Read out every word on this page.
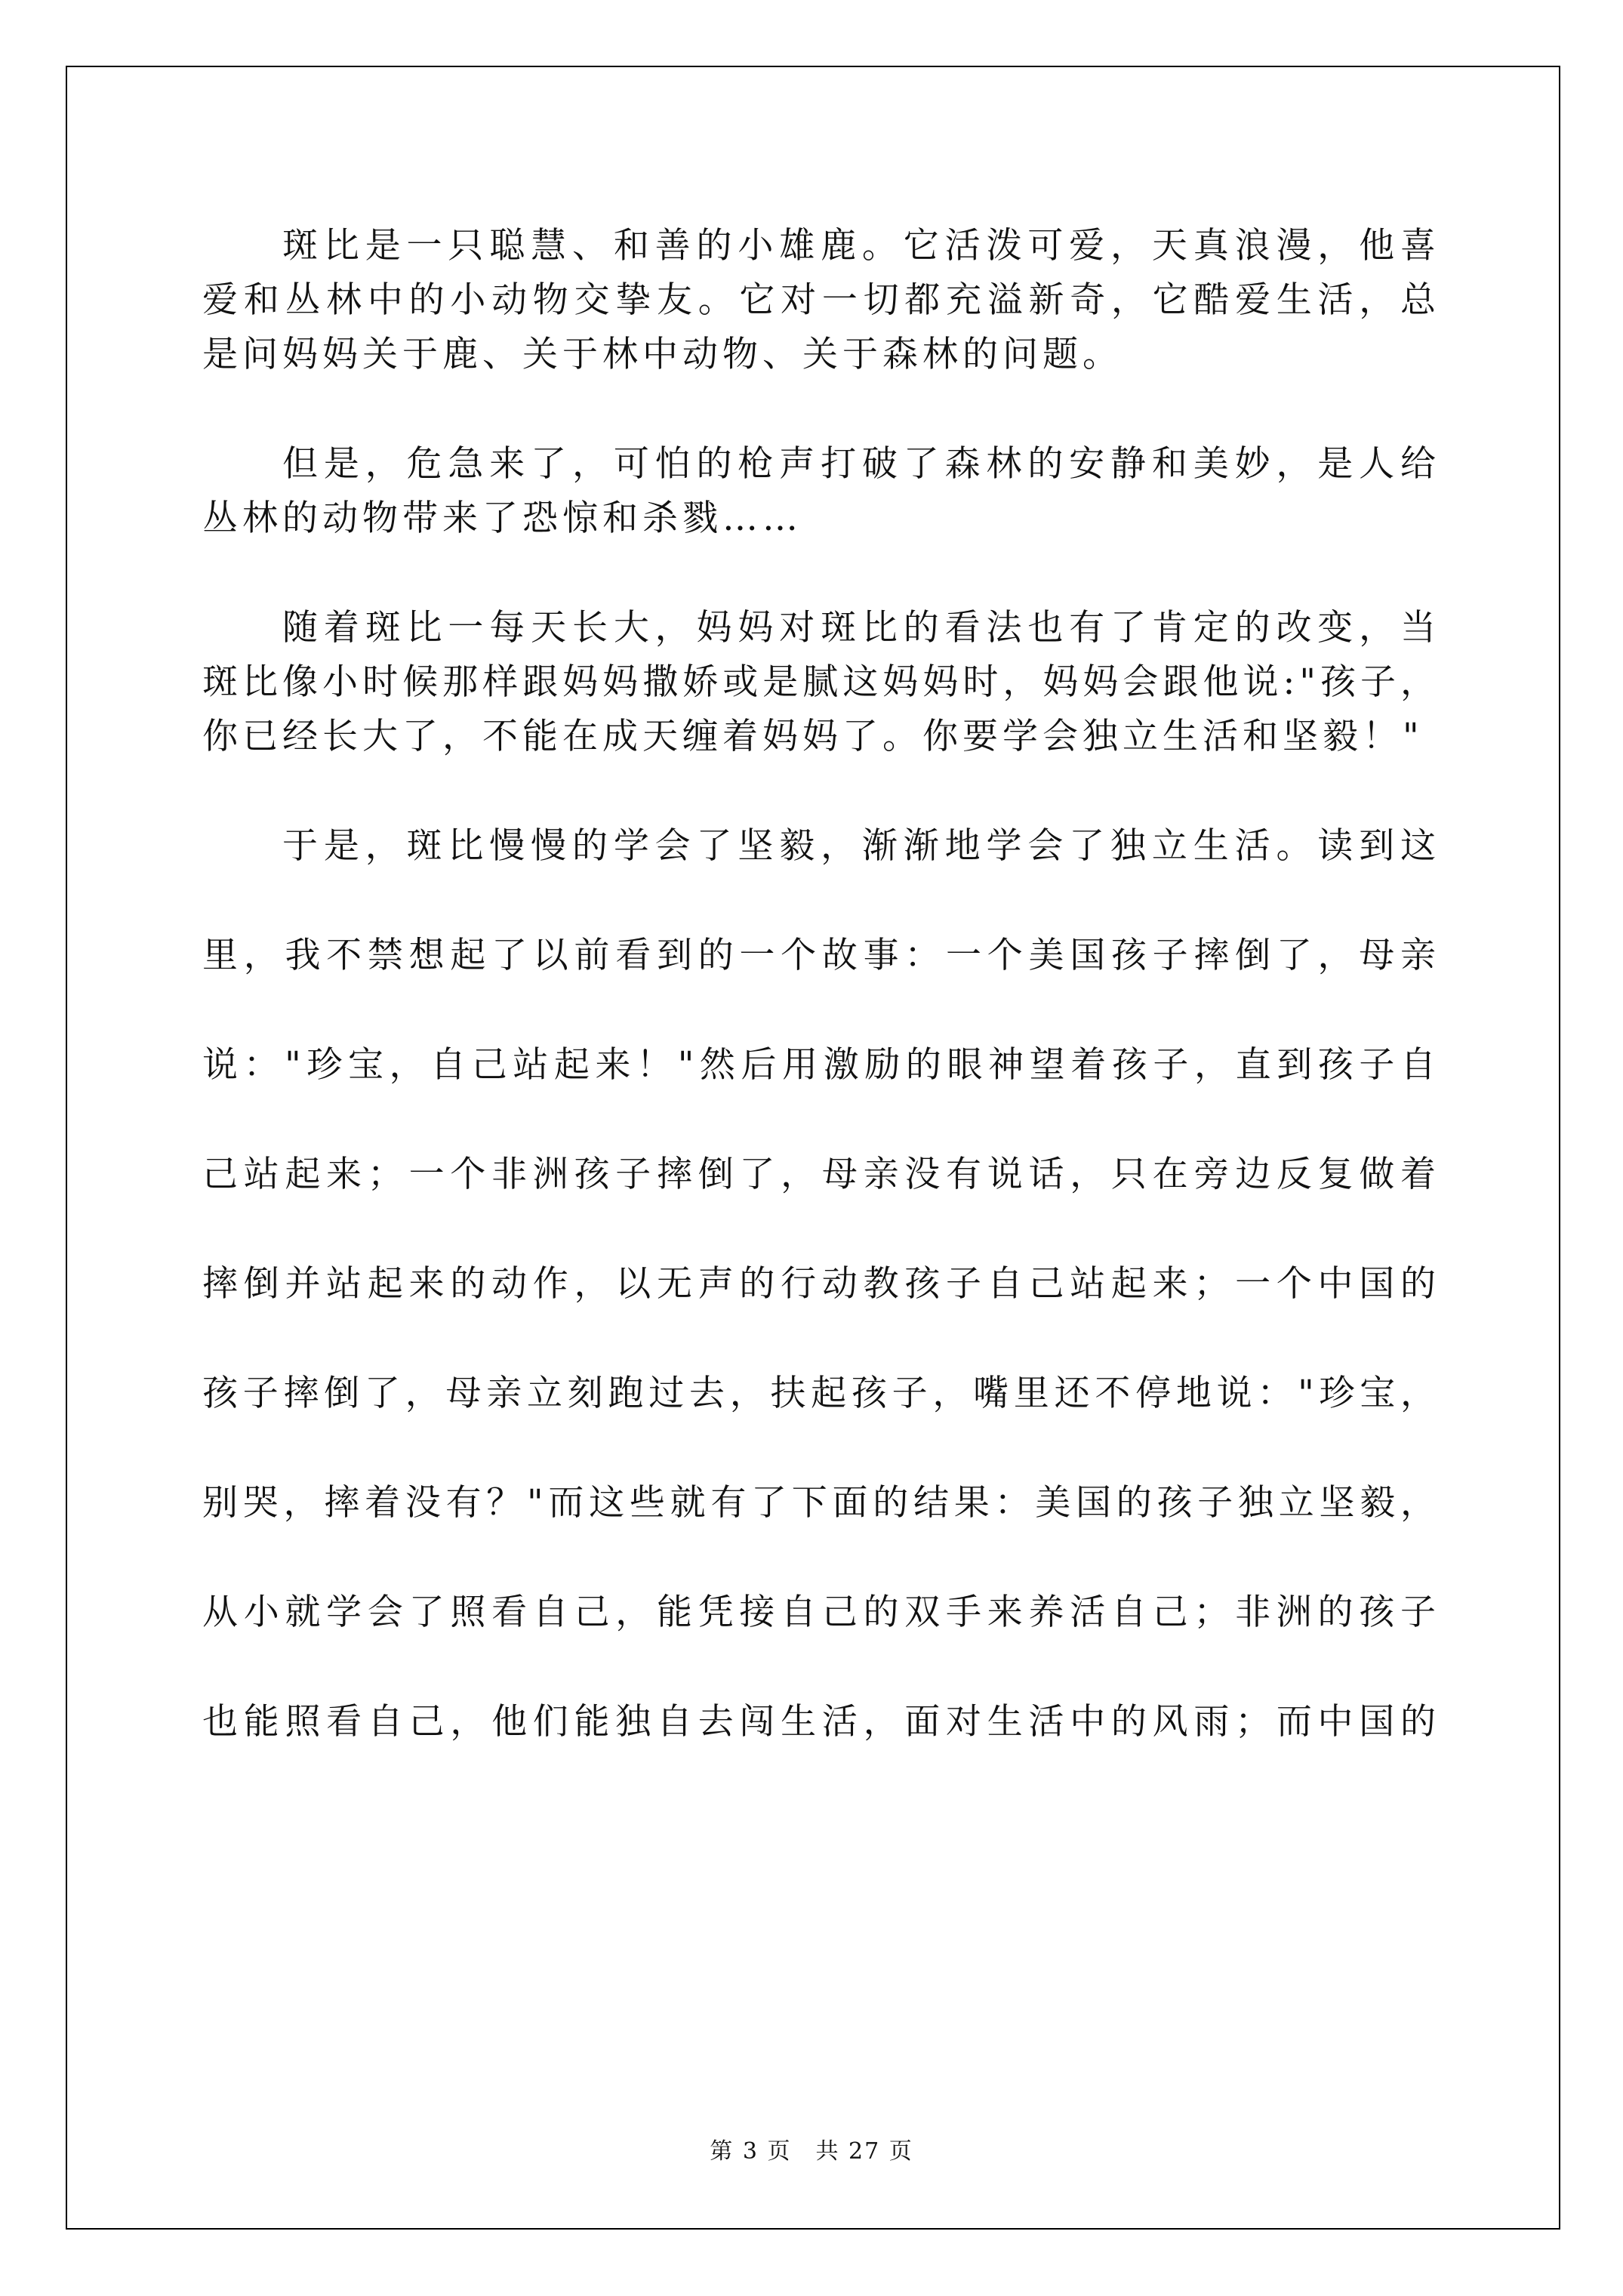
斑比是一只聪慧、和善的小雄鹿。它活泼可爱，天真浪漫，他喜
爱和丛林中的小动物交挚友。它对一切都充溢新奇，它酷爱生活，总
是问妈妈关于鹿、关于林中动物、关于森林的问题。
但是，危急来了，可怕的枪声打破了森林的安静和美妙，是人给
丛林的动物带来了恐惊和杀戮……
随着斑比一每天长大，妈妈对斑比的看法也有了肯定的改变，当
斑比像小时候那样跟妈妈撒娇或是腻这妈妈时，妈妈会跟他说:"孩子，
你已经长大了，不能在成天缠着妈妈了。你要学会独立生活和坚毅！"
于是，斑比慢慢的学会了坚毅，渐渐地学会了独立生活。读到这
里，我不禁想起了以前看到的一个故事：一个美国孩子摔倒了，母亲
说："珍宝，自己站起来！"然后用激励的眼神望着孩子，直到孩子自
己站起来；一个非洲孩子摔倒了，母亲没有说话，只在旁边反复做着
摔倒并站起来的动作，以无声的行动教孩子自己站起来；一个中国的
孩子摔倒了，母亲立刻跑过去，扶起孩子，嘴里还不停地说："珍宝，
别哭，摔着没有？"而这些就有了下面的结果：美国的孩子独立坚毅，
从小就学会了照看自己，能凭接自己的双手来养活自己；非洲的孩子
也能照看自己，他们能独自去闯生活，面对生活中的风雨；而中国的
第 3 页　共 27 页
